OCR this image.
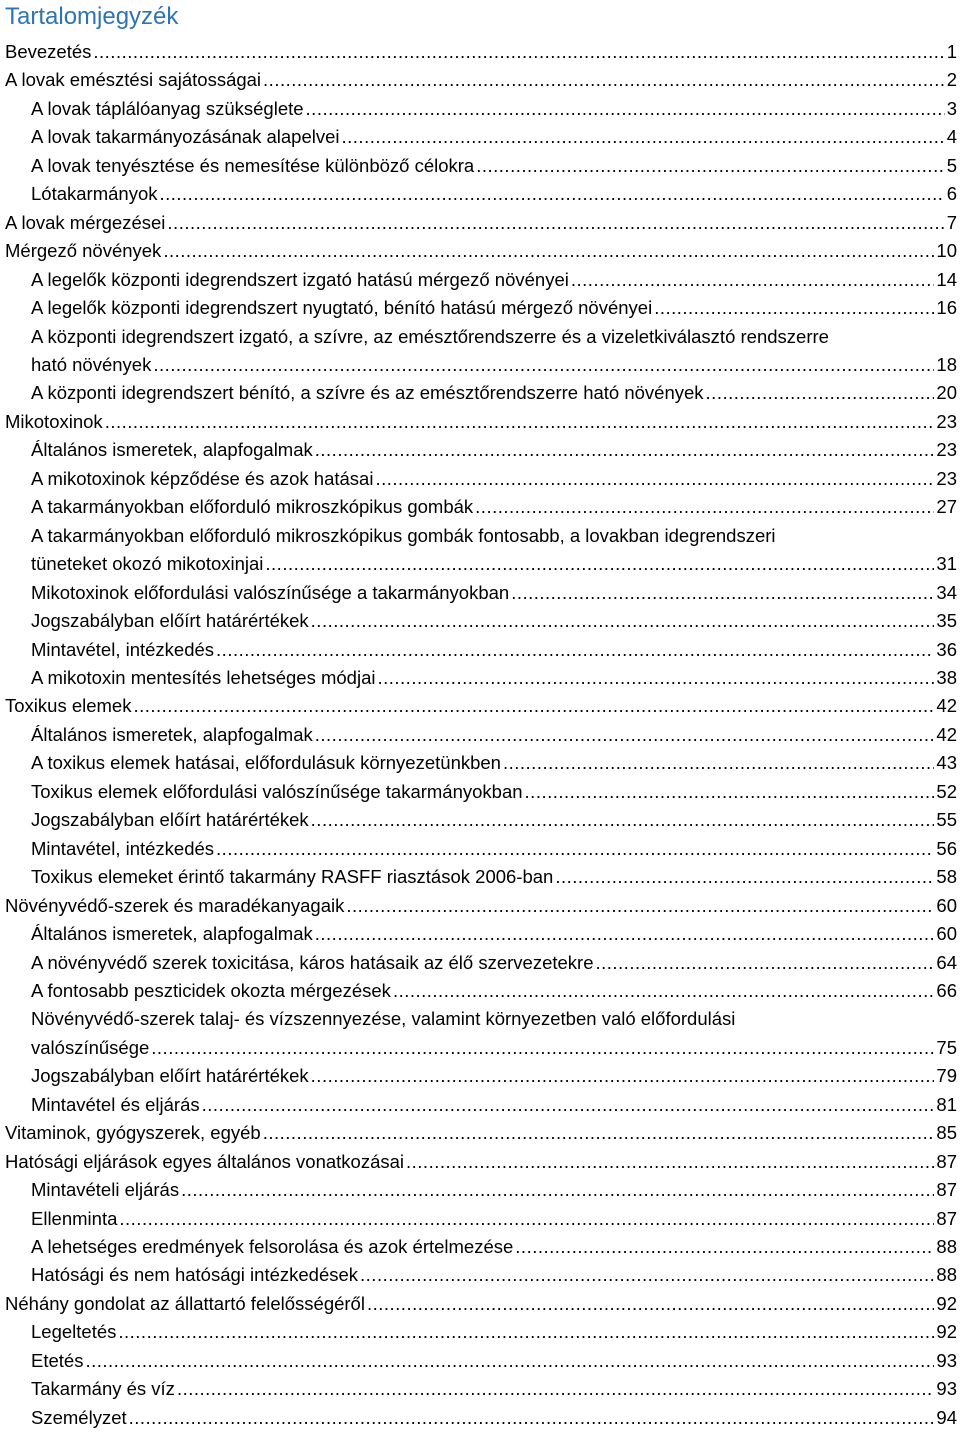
Tartalomjegyzék
Bevezetés .....	1
A lovak emésztési sajátosságai .....	2
A lovak táplálóanyag szükséglete .....	3
A lovak takarmányozásának alapelvei .....	4
A lovak tenyésztése és nemesítése különböző célokra .....	5
Lótakarmányok .....	6
A lovak mérgezései .....	7
Mérgező növények .....	10
A legelők központi idegrendszert izgató hatású mérgező növényei .....	14
A legelők központi idegrendszert nyugtató, bénító hatású mérgező növényei .....	16
A központi idegrendszert izgató, a szívre, az emésztőrendszerre és a vizeletkiválasztó rendszerre
ható növények .....	18
A központi idegrendszert bénító, a szívre és az emésztőrendszerre ható növények .....	20
Mikotoxinok .....	23
Általános ismeretek, alapfogalmak .....	23
A mikotoxinok képződése és azok hatásai .....	23
A takarmányokban előforduló mikroszkópikus gombák .....	27
A takarmányokban előforduló mikroszkópikus gombák fontosabb, a lovakban idegrendszeri
tüneteket okozó mikotoxinjai .....	31
Mikotoxinok előfordulási valószínűsége a takarmányokban .....	34
Jogszabályban előírt határértékek .....	35
Mintavétel, intézkedés .....	36
A mikotoxin mentesítés lehetséges módjai .....	38
Toxikus elemek .....	42
Általános ismeretek, alapfogalmak .....	42
A toxikus elemek hatásai, előfordulásuk környezetünkben .....	43
Toxikus elemek előfordulási valószínűsége takarmányokban .....	52
Jogszabályban előírt határértékek .....	55
Mintavétel, intézkedés .....	56
Toxikus elemeket érintő takarmány RASFF riasztások 2006-ban .....	58
Növényvédő-szerek és maradékanyagaik .....	60
Általános ismeretek, alapfogalmak .....	60
A növényvédő szerek toxicitása, káros hatásaik az élő szervezetekre .....	64
A fontosabb peszticidek okozta mérgezések .....	66
Növényvédő-szerek talaj- és vízszennyezése, valamint környezetben való előfordulási
valószínűsége .....	75
Jogszabályban előírt határértékek .....	79
Mintavétel és eljárás .....	81
Vitaminok, gyógyszerek, egyéb .....	85
Hatósági eljárások egyes általános vonatkozásai .....	87
Mintavételi eljárás .....	87
Ellenminta .....	87
A lehetséges eredmények felsorolása és azok értelmezése .....	88
Hatósági és nem hatósági intézkedések .....	88
Néhány gondolat az állattartó felelősségéről .....	92
Legeltetés .....	92
Etetés .....	93
Takarmány és víz .....	93
Személyzet .....	94
